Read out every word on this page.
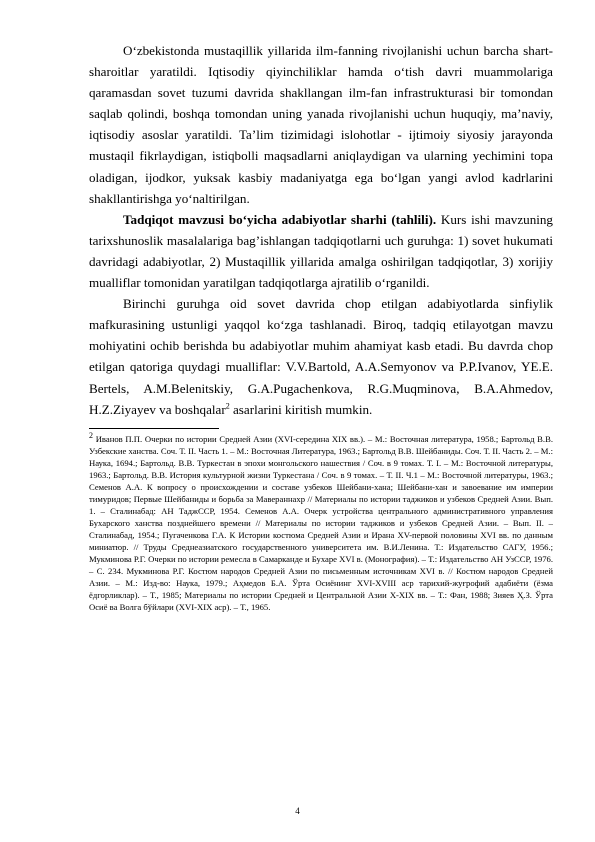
O‘zbekistonda mustaqillik yillarida ilm-fanning rivojlanishi uchun barcha shart-sharoitlar yaratildi. Iqtisodiy qiyinchiliklar hamda o‘tish davri muammolariga qaramasdan sovet tuzumi davrida shakllangan ilm-fan infrastrukturasi bir tomondan saqlab qolindi, boshqa tomondan uning yanada rivojlanishi uchun huquqiy, ma’naviy, iqtisodiy asoslar yaratildi. Ta’lim tizimidagi islohotlar - ijtimoiy siyosiy jarayonda mustaqil fikrlaydigan, istiqbolli maqsadlarni aniqlaydigan va ularning yechimini topa oladigan, ijodkor, yuksak kasbiy madaniyatga ega bo‘lgan yangi avlod kadrlarini shakllantirishga yo‘naltirilgan.

Tadqiqot mavzusi bo‘yicha adabiyotlar sharhi (tahlili). Kurs ishi mavzuning tarixshunoslik masalalariga bag’ishlangan tadqiqotlarni uch guruhga: 1) sovet hukumati davridagi adabiyotlar, 2) Mustaqillik yillarida amalga oshirilgan tadqiqotlar, 3) xorijiy mualliflar tomonidan yaratilgan tadqiqotlarga ajratilib o‘rganildi.

Birinchi guruhga oid sovet davrida chop etilgan adabiyotlarda sinfiylik mafkurasining ustunligi yaqqol ko‘zga tashlanadi. Biroq, tadqiq etilayotgan mavzu mohiyatini ochib berishda bu adabiyotlar muhim ahamiyat kasb etadi. Bu davrda chop etilgan qatoriga quydagi mualliflar: V.V.Bartold, A.A.Semyonov va P.P.Ivanov, YE.E. Bertels, A.M.Belenitskiy, G.A.Pugachenkova, R.G.Muqminova, B.A.Ahmedov, H.Z.Ziyayev va boshqalar$^2$ asarlarini kiritish mumkin.

$^2$ Иванов П.П. Очерки по истории Средней Азии (XVI-середина XIX вв.). – М.: Восточная литература, 1958.; Бартольд В.В. Узбекские ханства. Соч. Т. II. Часть 1. – М.: Восточная Литература, 1963.; Бартольд В.В. Шейбаниды. Соч. Т. II. Часть 2. – М.: Наука, 1694.; Бартольд. В.В. Туркестан в эпохи монгольского нашествия / Соч. в 9 томах. Т. I. – М.: Восточной литературы, 1963.; Бартольд. В.В. История культурной жизни Туркестана / Соч. в 9 томах. – Т. II. Ч.1 – М.: Восточной литературы, 1963.; Семенов А.А. К вопросу о происхождении и составе узбеков Шейбани-хана; Шейбани-хан и завоевание им империи тимуридов; Первые Шейбаниды и борьба за Мавераннахр // Материалы по истории таджиков и узбеков Средней Азии. Вып. 1. – Сталинабад: АН ТаджССР, 1954. Семенов А.А. Очерк устройства центрального административного управления Бухарского ханства позднейшего времени // Материалы по истории таджиков и узбеков Средней Азии. – Вып. II. – Сталинабад, 1954.; Пугаченкова Г.А. К Истории костюма Средней Азии и Ирана XV-первой половины XVI вв. по данным миниатюр. // Труды Среднеазиатского государственного университета им. В.И.Ленина. Т.: Издательство САГУ, 1956.; Мукминова Р.Г. Очерки по истории ремесла в Самарканде и Бухаре XVI в. (Монография). – Т.: Издательство АН УзССР, 1976. – С. 234. Мукминова Р.Г. Костюм народов Средней Азии по письменным источникам XVI в. // Костюм народов Средней Азии. – М.: Изд-во: Наука, 1979.; Аҳмедов Б.А. Ўрта Осиёнинг XVI-XVIII аср тарихий-жуғрофий адабиёти (ёзма ёдгорликлар). – Т., 1985; Материалы по истории Средней и Центральной Азии X-XIX вв. – Т.: Фан, 1988; Зияев Ҳ.З. Ўрта Осиё ва Волга бўйлари (XVI-XIX аср). – Т., 1965.

4
